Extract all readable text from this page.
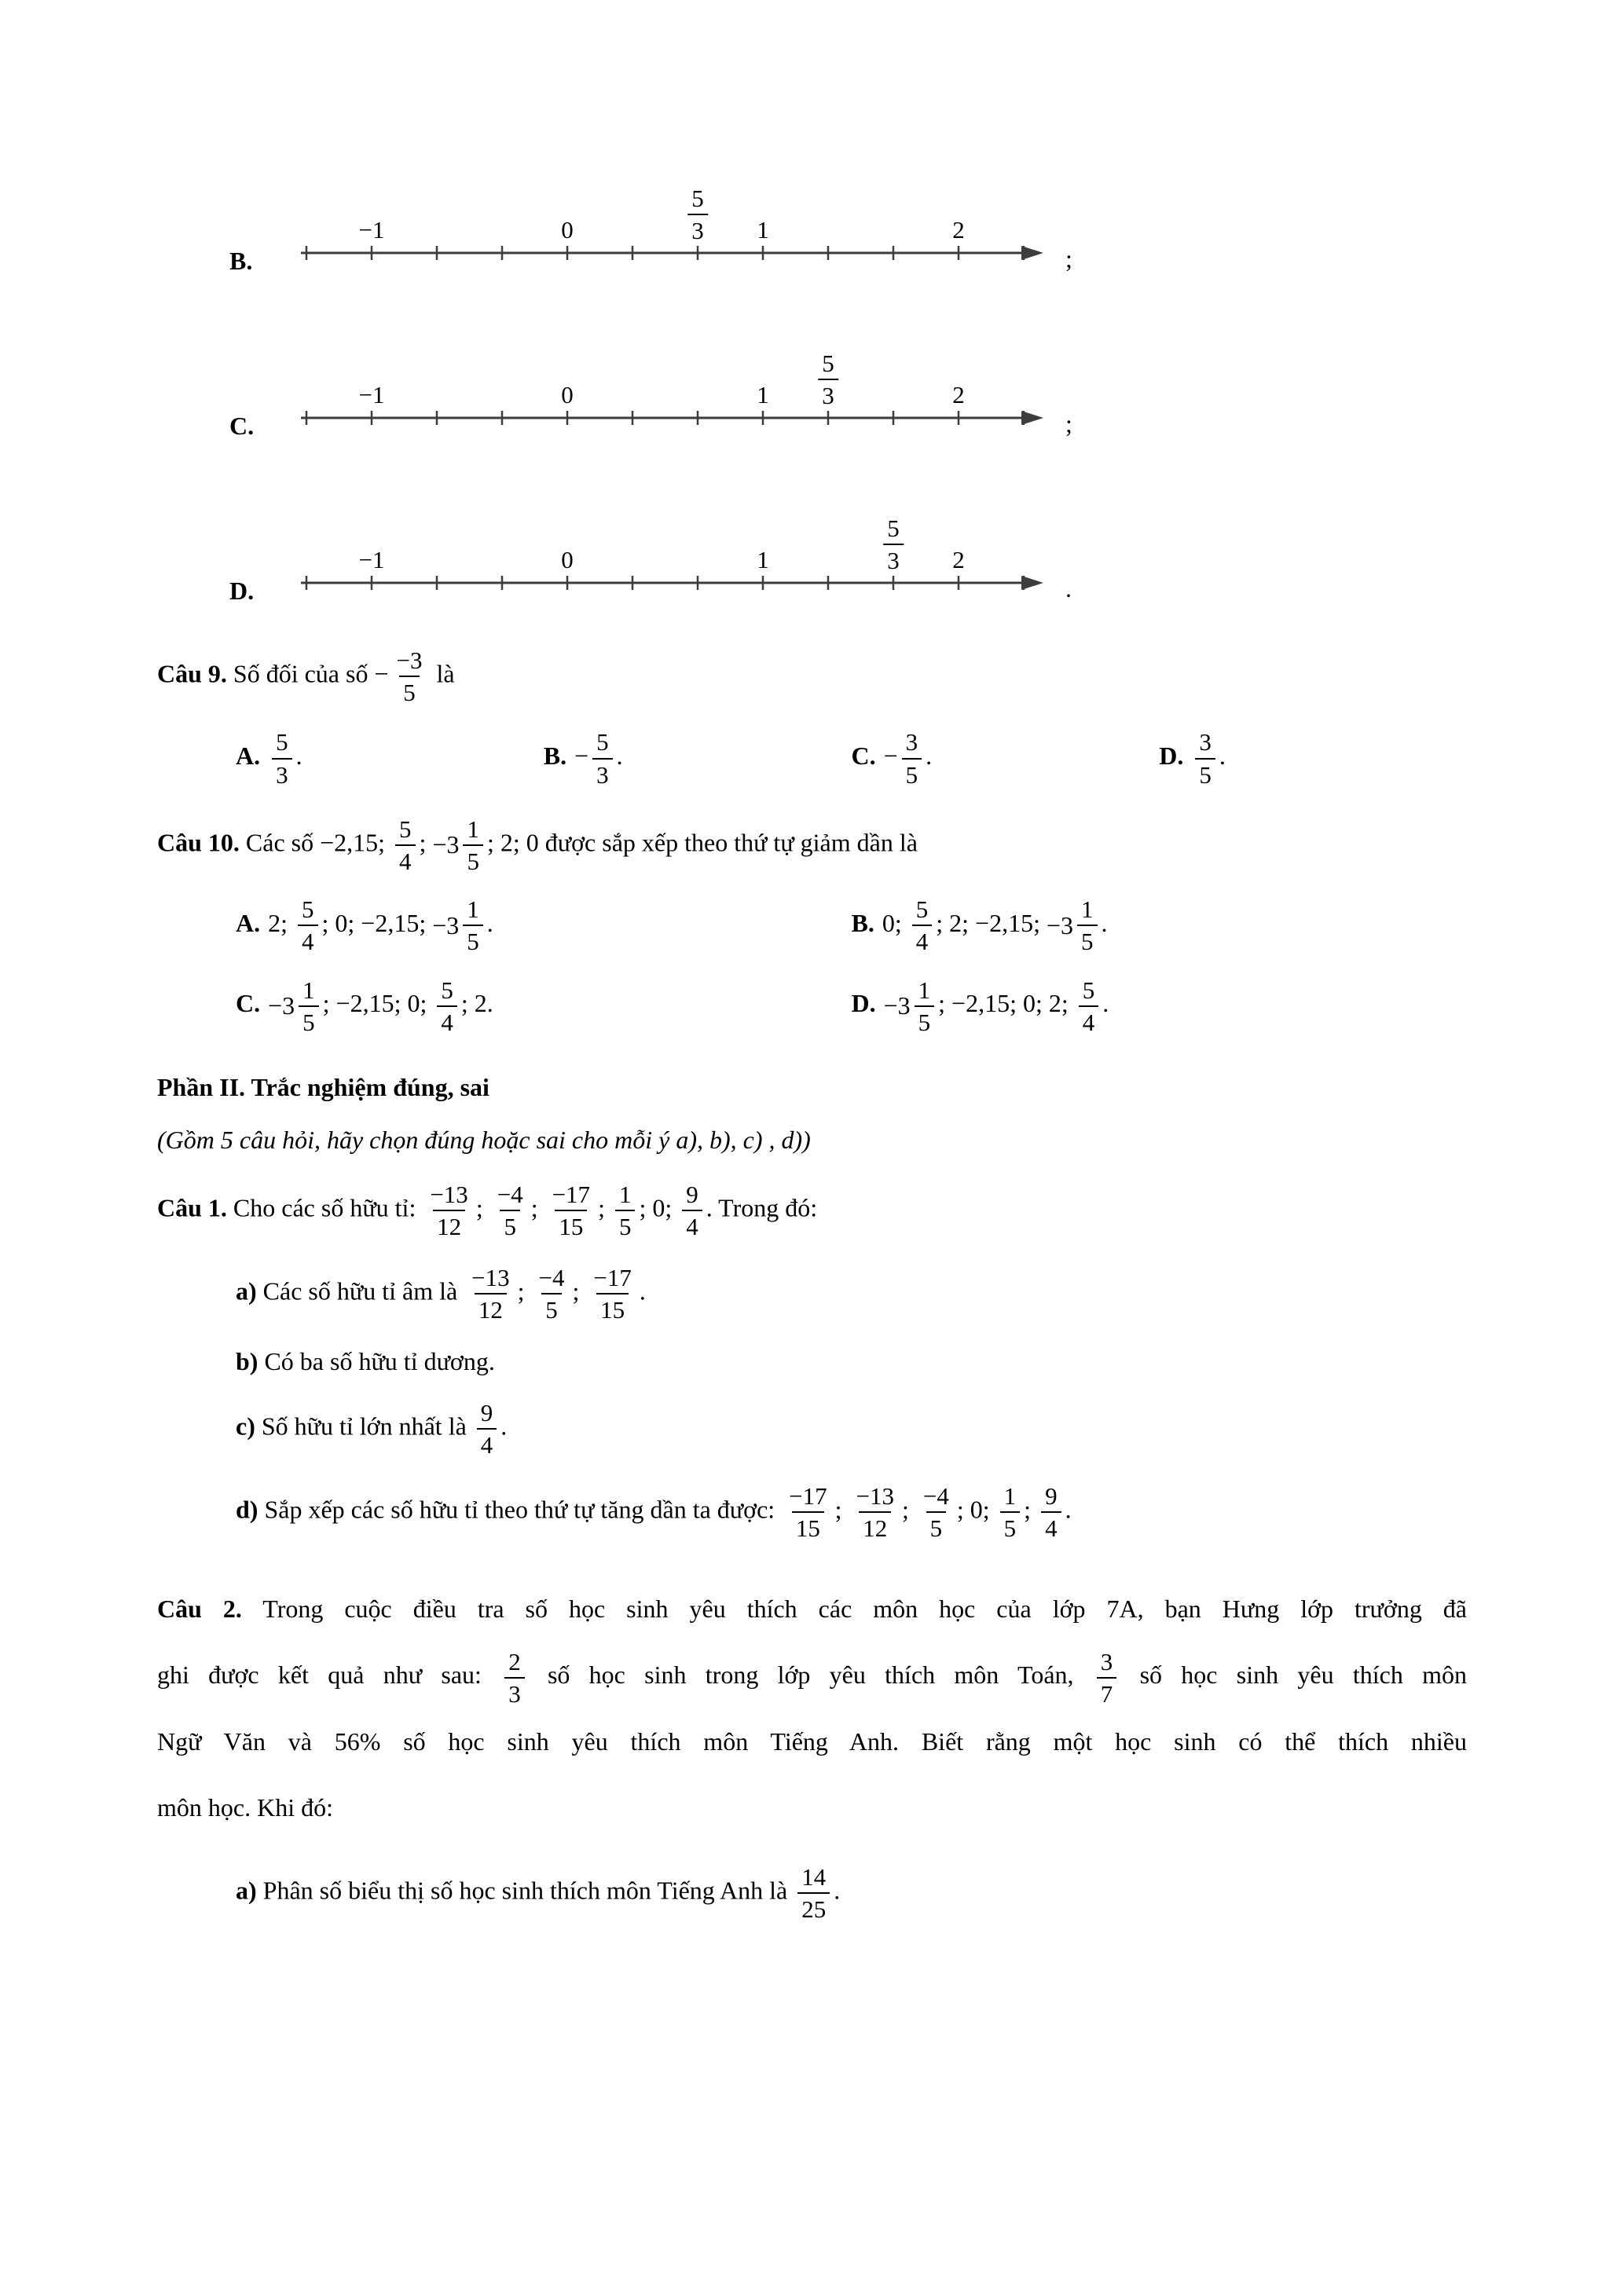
B.
−1	0	1	2
$\frac{5}{3}$
;
C.
−1	0	1	2
$\frac{5}{3}$
;
D.
−1	0	1	2
$\frac{5}{3}$
.
Câu 9. Số đối của số − $\frac{-3}{5}$ là
A. $\frac{5}{3}$ .	B. − $\frac{5}{3}$ .	C. − $\frac{3}{5}$ .	D. $\frac{3}{5}$ .
Câu 10. Các số −2,15; $\frac{5}{4}$ ; $-3 \frac{1}{5}$ ; 2; 0 được sắp xếp theo thứ tự giảm dần là
A. 2; $\frac{5}{4}$ ; 0; −2,15; $-3 \frac{1}{5}$ .	B. 0; $\frac{5}{4}$ ; 2; −2,15; $-3 \frac{1}{5}$ .
C. $-3 \frac{1}{5}$ ; −2,15; 0; $\frac{5}{4}$ ; 2.	D. $-3 \frac{1}{5}$ ; −2,15; 0; 2; $\frac{5}{4}$ .
Phần II. Trắc nghiệm đúng, sai
(Gồm 5 câu hỏi, hãy chọn đúng hoặc sai cho mỗi ý a), b), c) , d))
Câu 1. Cho các số hữu tỉ: $\frac{-13}{12}$ ; $\frac{-4}{5}$ ; $\frac{-17}{15}$ ; $\frac{1}{5}$ ; 0; $\frac{9}{4}$ . Trong đó:
a) Các số hữu tỉ âm là $\frac{-13}{12}$ ; $\frac{-4}{5}$ ; $\frac{-17}{15}$ .
b) Có ba số hữu tỉ dương.
c) Số hữu tỉ lớn nhất là $\frac{9}{4}$ .
d) Sắp xếp các số hữu tỉ theo thứ tự tăng dần ta được: $\frac{-17}{15}$ ; $\frac{-13}{12}$ ; $\frac{-4}{5}$ ; 0; $\frac{1}{5}$ ; $\frac{9}{4}$ .
Câu 2. Trong cuộc điều tra số học sinh yêu thích các môn học của lớp 7A, bạn Hưng lớp trưởng đã
ghi được kết quả như sau: $\frac{2}{3}$ số học sinh trong lớp yêu thích môn Toán, $\frac{3}{7}$ số học sinh yêu thích môn
Ngữ Văn và 56% số học sinh yêu thích môn Tiếng Anh. Biết rằng một học sinh có thể thích nhiều
môn học. Khi đó:
a) Phân số biểu thị số học sinh thích môn Tiếng Anh là $\frac{14}{25}$ .
